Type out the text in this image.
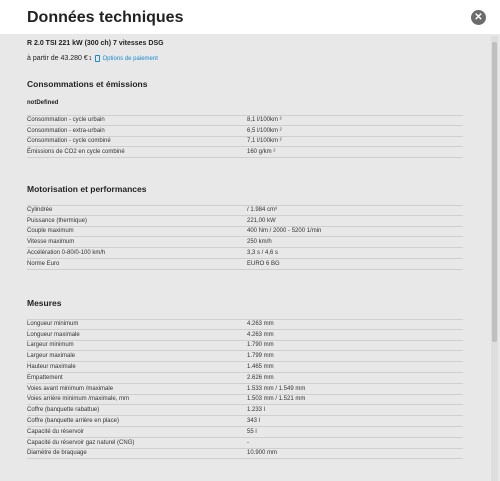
Données techniques	✕
R 2.0 TSI 221 kW (300 ch) 7 vitesses DSG
à partir de 43.280 € 1 Options de paiement
Consommations et émissions
notDefined
Consommation - cycle urbain	8,1 l/100km ²
Consommation - extra-urbain	6,5 l/100km ²
Consommation - cycle combiné	7,1 l/100km ²
Émissions de CO2 en cycle combiné	160 g/km ²
Motorisation et performances
Cylindrée	/ 1.984 cm³
Puissance (thermique)	221,00 kW
Couple maximum	400 Nm / 2000 - 5200 1/min
Vitesse maximum	250 km/h
Accélération 0-80/0-100 km/h	3,3 s / 4,6 s
Norme Euro	EURO 6 BG
Mesures
Longueur minimum	4.263 mm
Longueur maximale	4.263 mm
Largeur minimum	1.790 mm
Largeur maximale	1.799 mm
Hauteur maximale	1.465 mm
Empattement	2.626 mm
Voies avant minimum /maximale	1.533 mm / 1.549 mm
Voies arrière minimum /maximale, mm	1.503 mm / 1.521 mm
Coffre (banquette rabattue)	1.233 l
Coffre (banquette arrière en place)	343 l
Capacité du réservoir	55 l
Capacité du réservoir gaz naturel (CNG)	-
Diamètre de braquage	10.900 mm
